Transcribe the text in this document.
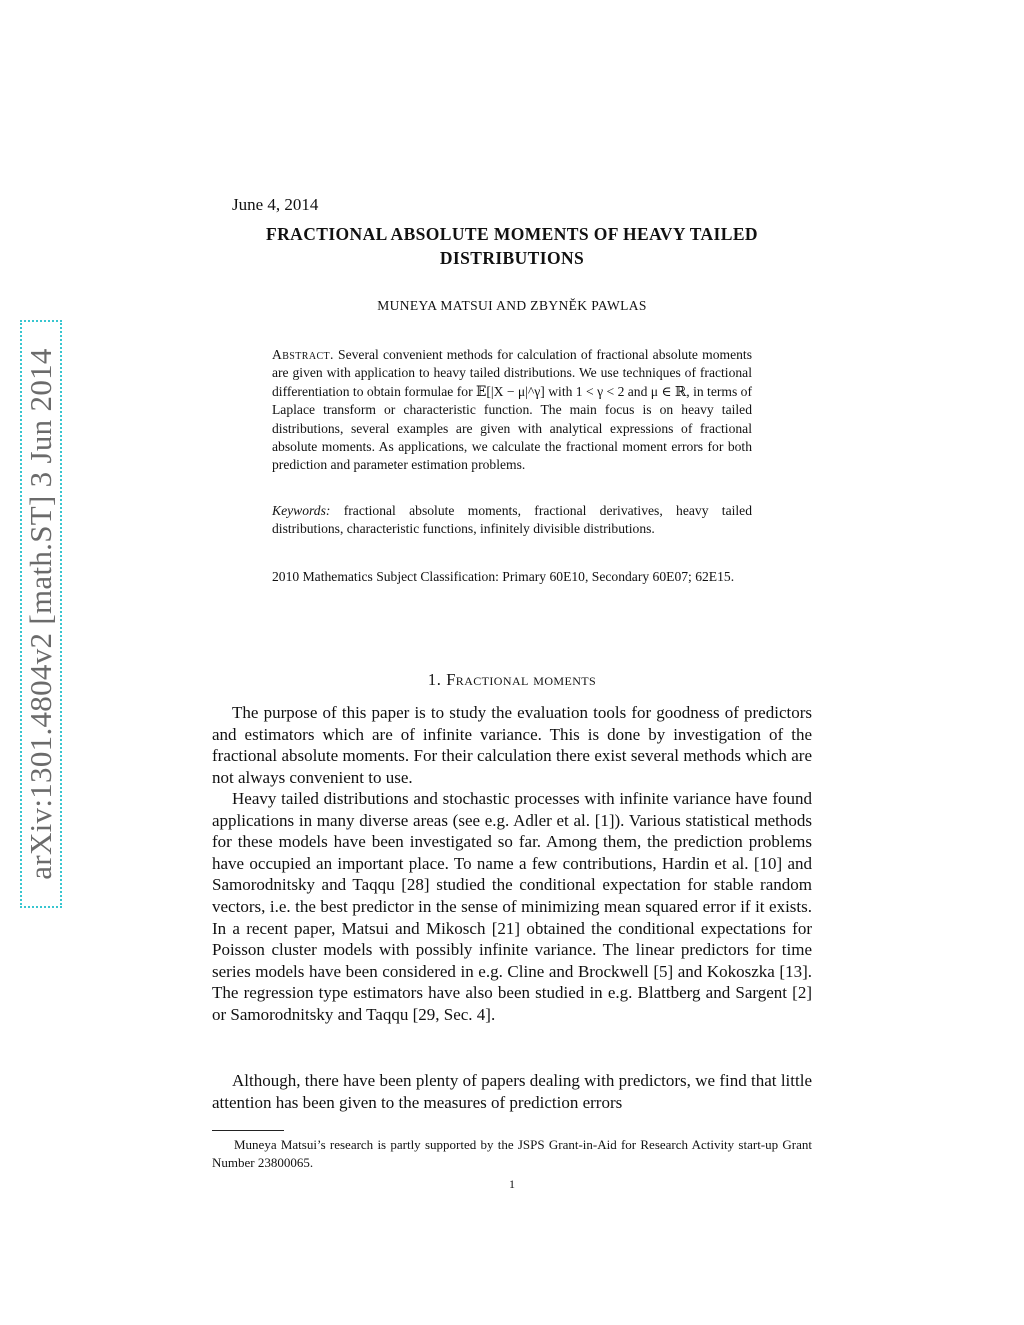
arXiv:1301.4804v2 [math.ST] 3 Jun 2014
June 4, 2014
FRACTIONAL ABSOLUTE MOMENTS OF HEAVY TAILED DISTRIBUTIONS
MUNEYA MATSUI AND ZBYNĚK PAWLAS

Abstract. Several convenient methods for calculation of fractional absolute moments are given with application to heavy tailed distributions. We use techniques of fractional differentiation to obtain formulae for 𝔼[|X − μ|^γ] with 1 < γ < 2 and μ ∈ ℝ, in terms of Laplace transform or characteristic function. The main focus is on heavy tailed distributions, several examples are given with analytical expressions of fractional absolute moments. As applications, we calculate the fractional moment errors for both prediction and parameter estimation problems.

Keywords: fractional absolute moments, fractional derivatives, heavy tailed distributions, characteristic functions, infinitely divisible distributions.

2010 Mathematics Subject Classification: Primary 60E10, Secondary 60E07; 62E15.

1. Fractional moments

The purpose of this paper is to study the evaluation tools for goodness of predictors and estimators which are of infinite variance. This is done by investigation of the fractional absolute moments. For their calculation there exist several methods which are not always convenient to use.

Heavy tailed distributions and stochastic processes with infinite variance have found applications in many diverse areas (see e.g. Adler et al. [1]). Various statistical methods for these models have been investigated so far. Among them, the prediction problems have occupied an important place. To name a few contributions, Hardin et al. [10] and Samorodnitsky and Taqqu [28] studied the conditional expectation for stable random vectors, i.e. the best predictor in the sense of minimizing mean squared error if it exists. In a recent paper, Matsui and Mikosch [21] obtained the conditional expectations for Poisson cluster models with possibly infinite variance. The linear predictors for time series models have been considered in e.g. Cline and Brockwell [5] and Kokoszka [13]. The regression type estimators have also been studied in e.g. Blattberg and Sargent [2] or Samorodnitsky and Taqqu [29, Sec. 4].

Although, there have been plenty of papers dealing with predictors, we find that little attention has been given to the measures of prediction errors

Muneya Matsui’s research is partly supported by the JSPS Grant-in-Aid for Research Activity start-up Grant Number 23800065.

1
